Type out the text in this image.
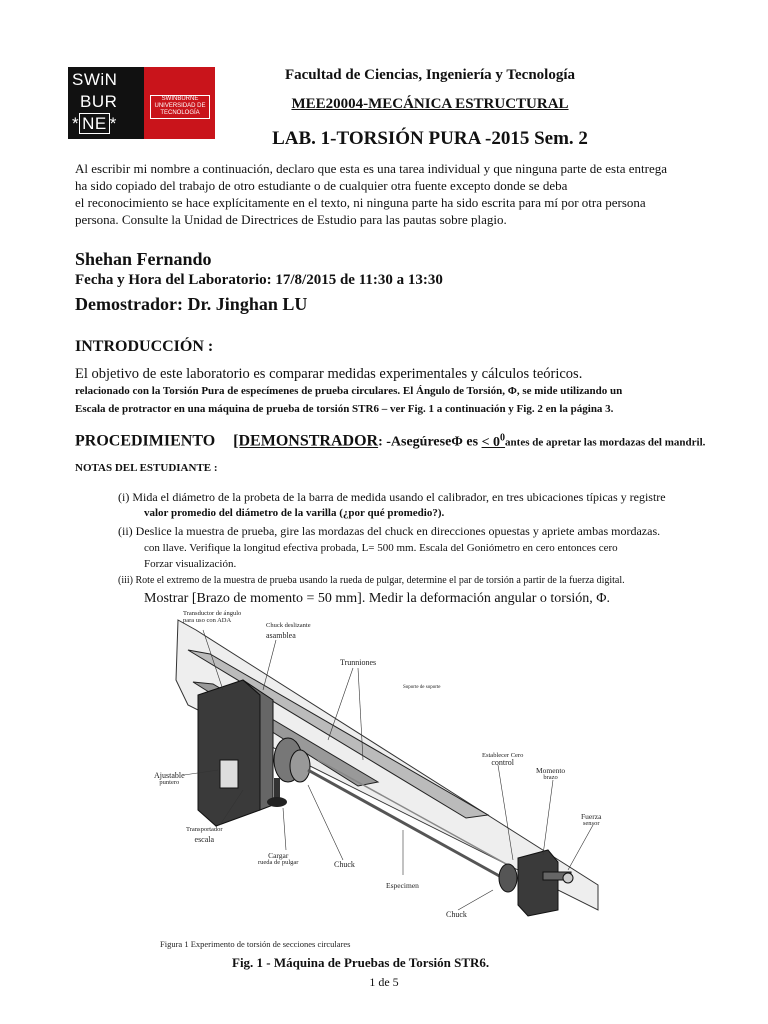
SWiN
BUR
* NE *
SWINBURNE
UNIVERSIDAD DE
TECNOLOGÍA
Facultad de Ciencias, Ingeniería y Tecnología
MEE20004-MECÁNICA ESTRUCTURAL
LAB. 1-TORSIÓN PURA -2015 Sem. 2
Al escribir mi nombre a continuación, declaro que esta es una tarea individual y que ninguna parte de esta entrega
ha sido copiado del trabajo de otro estudiante o de cualquier otra fuente excepto donde se deba
el reconocimiento se hace explícitamente en el texto, ni ninguna parte ha sido escrita para mí por otra persona
persona. Consulte la Unidad de Directrices de Estudio para las pautas sobre plagio.
Shehan Fernando
Fecha y Hora del Laboratorio: 17/8/2015 de 11:30 a 13:30
Demostrador: Dr. Jinghan LU
INTRODUCCIÓN :
El objetivo de este laboratorio es comparar medidas experimentales y cálculos teóricos.
relacionado con la Torsión Pura de especímenes de prueba circulares. El Ángulo de Torsión, Φ, se mide utilizando un
Escala de protractor en una máquina de prueba de torsión STR6 – ver Fig. 1 a continuación y Fig. 2 en la página 3.
PROCEDIMIENTO [DEMONSTRADOR: -AsegúreseΦ es < $0^0antes$ de apretar las mordazas del mandril.
NOTAS DEL ESTUDIANTE :
(i) Mida el diámetro de la probeta de la barra de medida usando el calibrador, en tres ubicaciones típicas y registre
valor promedio del diámetro de la varilla (¿por qué promedio?).
(ii) Deslice la muestra de prueba, gire las mordazas del chuck en direcciones opuestas y apriete ambas mordazas.
con llave. Verifique la longitud efectiva probada, L= 500 mm. Escala del Goniómetro en cero entonces cero
Forzar visualización.
(iii) Rote el extremo de la muestra de prueba usando la rueda de pulgar, determine el par de torsión a partir de la fuerza digital.
Mostrar [Brazo de momento = 50 mm]. Medir la deformación angular o torsión, Φ.
Transductor de ángulo
para uso con ADA
Chuck deslizante
asamblea
Trunniones
Soporte de soporte
Ajustable
puntero
Establecer Cero
control
Momento
brazo
Fuerza
sensor
Transportador
escala
Cargar
rueda de pulgar	Chuck
Especimen
Chuck
Figura 1 Experimento de torsión de secciones circulares
Fig. 1 - Máquina de Pruebas de Torsión STR6.
1 de 5
